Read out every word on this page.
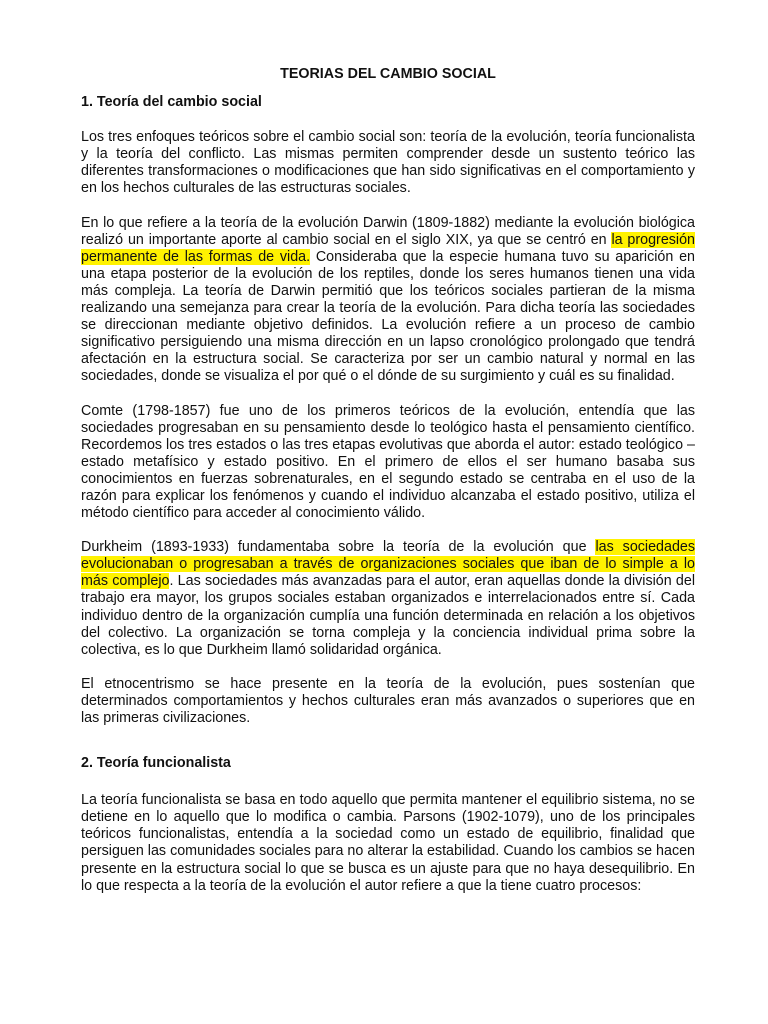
TEORIAS DEL CAMBIO SOCIAL
1. Teoría del cambio social

Los tres enfoques teóricos sobre el cambio social son: teoría de la evolución, teoría funcionalista y la teoría del conflicto. Las mismas permiten comprender desde un sustento teórico las diferentes transformaciones o modificaciones que han sido significativas en el comportamiento y en los hechos culturales de las estructuras sociales.

En lo que refiere a la teoría de la evolución Darwin (1809-1882) mediante la evolución biológica realizó un importante aporte al cambio social en el siglo XIX, ya que se centró en la progresión permanente de las formas de vida. Consideraba que la especie humana tuvo su aparición en una etapa posterior de la evolución de los reptiles, donde los seres humanos tienen una vida más compleja. La teoría de Darwin permitió que los teóricos sociales partieran de la misma realizando una semejanza para crear la teoría de la evolución. Para dicha teoría las sociedades se direccionan mediante objetivo definidos. La evolución refiere a un proceso de cambio significativo persiguiendo una misma dirección en un lapso cronológico prolongado que tendrá afectación en la estructura social. Se caracteriza por ser un cambio natural y normal en las sociedades, donde se visualiza el por qué o el dónde de su surgimiento y cuál es su finalidad.

Comte (1798-1857) fue uno de los primeros teóricos de la evolución, entendía que las sociedades progresaban en su pensamiento desde lo teológico hasta el pensamiento científico. Recordemos los tres estados o las tres etapas evolutivas que aborda el autor: estado teológico – estado metafísico y estado positivo. En el primero de ellos el ser humano basaba sus conocimientos en fuerzas sobrenaturales, en el segundo estado se centraba en el uso de la razón para explicar los fenómenos y cuando el individuo alcanzaba el estado positivo, utiliza el método científico para acceder al conocimiento válido.

Durkheim (1893-1933) fundamentaba sobre la teoría de la evolución que las sociedades evolucionaban o progresaban a través de organizaciones sociales que iban de lo simple a lo más complejo. Las sociedades más avanzadas para el autor, eran aquellas donde la división del trabajo era mayor, los grupos sociales estaban organizados e interrelacionados entre sí. Cada individuo dentro de la organización cumplía una función determinada en relación a los objetivos del colectivo. La organización se torna compleja y la conciencia individual prima sobre la colectiva, es lo que Durkheim llamó solidaridad orgánica.

El etnocentrismo se hace presente en la teoría de la evolución, pues sostenían que determinados comportamientos y hechos culturales eran más avanzados o superiores que en las primeras civilizaciones.

2. Teoría funcionalista

La teoría funcionalista se basa en todo aquello que permita mantener el equilibrio sistema, no se detiene en lo aquello que lo modifica o cambia. Parsons (1902-1079), uno de los principales teóricos funcionalistas, entendía a la sociedad como un estado de equilibrio, finalidad que persiguen las comunidades sociales para no alterar la estabilidad. Cuando los cambios se hacen presente en la estructura social lo que se busca es un ajuste para que no haya desequilibrio. En lo que respecta a la teoría de la evolución el autor refiere a que la tiene cuatro procesos:
